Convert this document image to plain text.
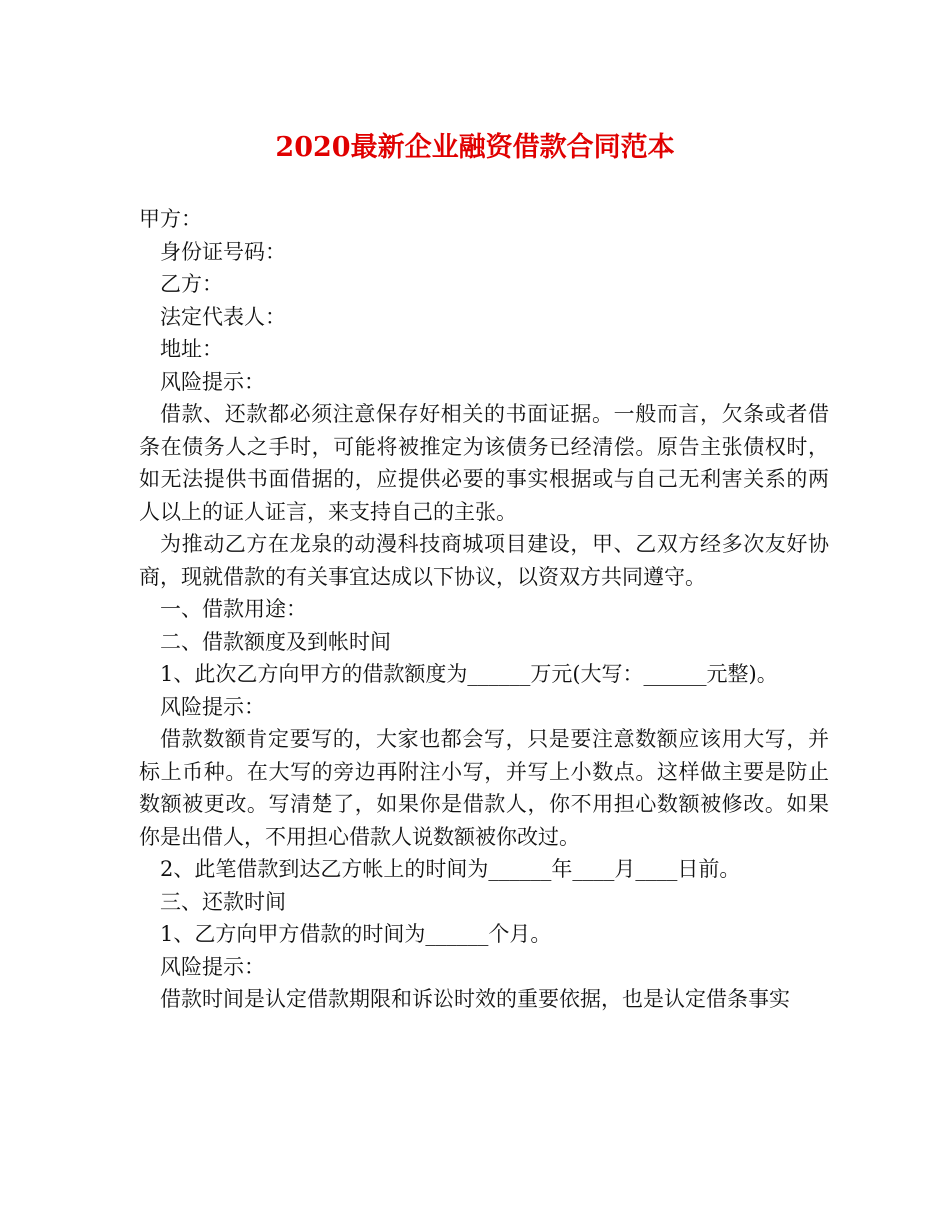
2020最新企业融资借款合同范本

甲方：

身份证号码：

乙方：

法定代表人：

地址：

风险提示：

借款、还款都必须注意保存好相关的书面证据。一般而言，欠条或者借条在债务人之手时，可能将被推定为该债务已经清偿。原告主张债权时，如无法提供书面借据的，应提供必要的事实根据或与自己无利害关系的两人以上的证人证言，来支持自己的主张。

为推动乙方在龙泉的动漫科技商城项目建设，甲、乙双方经多次友好协商，现就借款的有关事宜达成以下协议，以资双方共同遵守。

一、借款用途：

二、借款额度及到帐时间

1、此次乙方向甲方的借款额度为______万元(大写：______元整)。

风险提示：

借款数额肯定要写的，大家也都会写，只是要注意数额应该用大写，并标上币种。在大写的旁边再附注小写，并写上小数点。这样做主要是防止数额被更改。写清楚了，如果你是借款人，你不用担心数额被修改。如果你是出借人，不用担心借款人说数额被你改过。

2、此笔借款到达乙方帐上的时间为______年____月____日前。

三、还款时间

1、乙方向甲方借款的时间为______个月。

风险提示：

借款时间是认定借款期限和诉讼时效的重要依据，也是认定借条事实
